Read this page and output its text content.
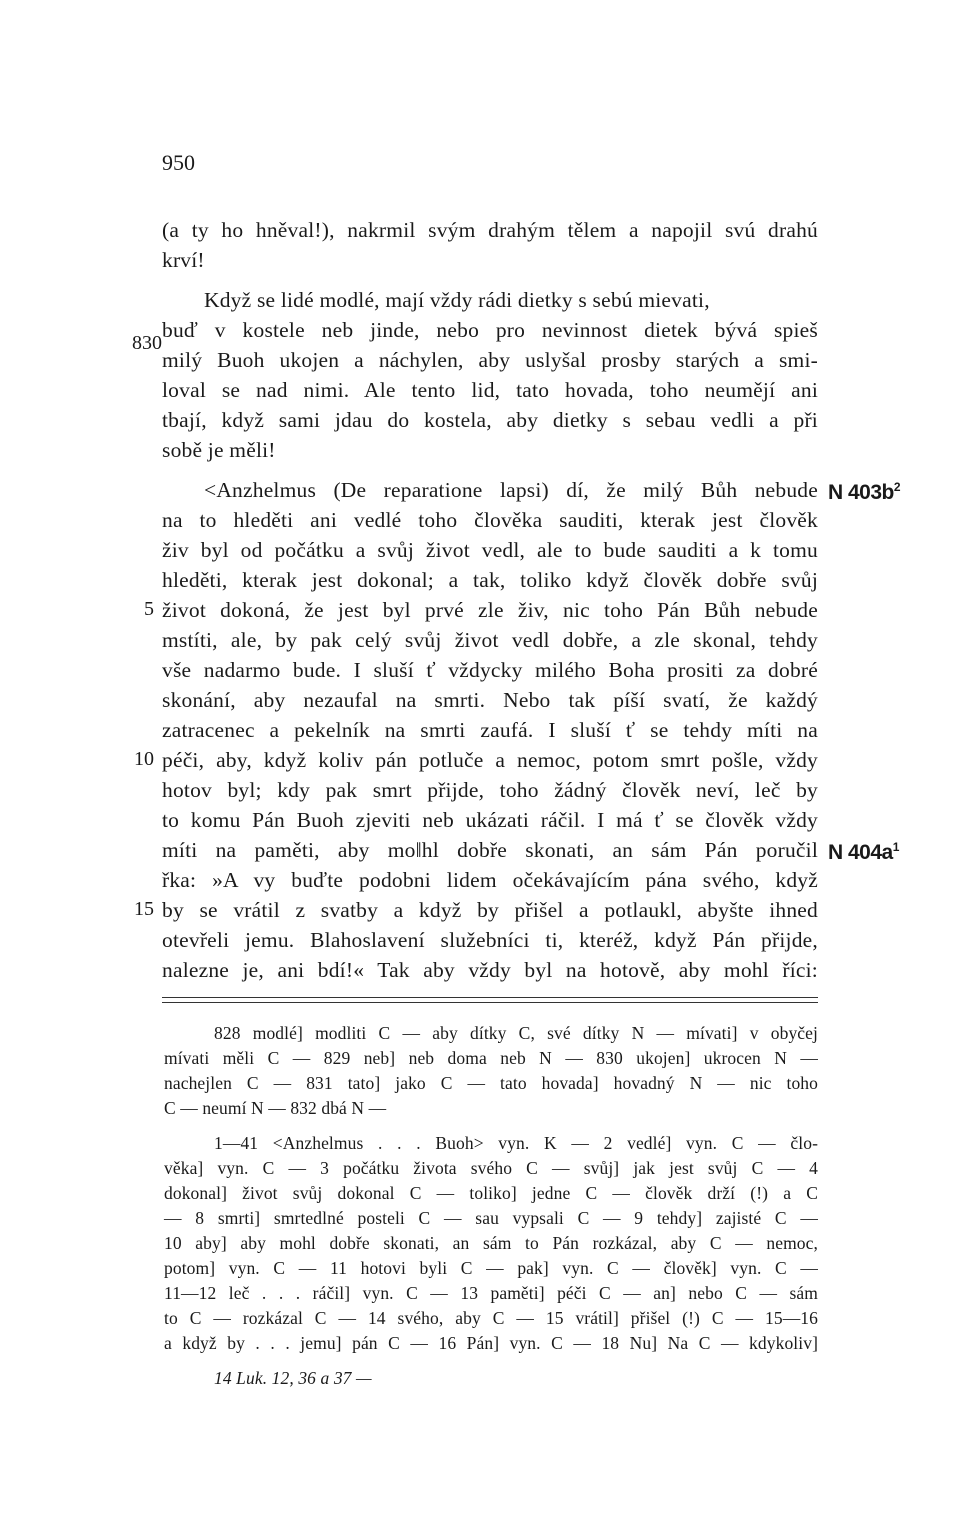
950
(a ty ho hněval!), nakrmil svým drahým tělem a napojil svú drahú
krví!
Když se lidé modlé, mají vždy rádi dietky s sebú mievati,
buď v kostele neb jinde, nebo pro nevinnost dietek bývá spieš
milý Buoh ukojen a náchylen, aby uslyšal prosby starých a smi-
loval se nad nimi. Ale tento lid, tato hovada, toho neumějí ani
tbají, když sami jdau do kostela, aby dietky s sebau vedli a při
sobě je měli!
<Anzhelmus (De reparatione lapsi) dí, že milý Bůh nebude
na to hleděti ani vedlé toho člověka sauditi, kterak jest člověk
živ byl od počátku a svůj život vedl, ale to bude sauditi a k tomu
hleděti, kterak jest dokonal; a tak, toliko když člověk dobře svůj
život dokoná, že jest byl prvé zle živ, nic toho Pán Bůh nebude
mstíti, ale, by pak celý svůj život vedl dobře, a zle skonal, tehdy
vše nadarmo bude. I sluší ť vždycky milého Boha prositi za dobré
skonání, aby nezaufal na smrti. Nebo tak píší svatí, že každý
zatracenec a pekelník na smrti zaufá. I sluší ť se tehdy míti na
péči, aby, když koliv pán potluče a nemoc, potom smrt pošle, vždy
hotov byl; kdy pak smrt přijde, toho žádný člověk neví, leč by
to komu Pán Buoh zjeviti neb ukázati ráčil. I má ť se člověk vždy
míti na paměti, aby mo‖hl dobře skonati, an sám Pán poručil
řka: »A vy buďte podobni lidem očekávajícím pána svého, když
by se vrátil z svatby a když by přišel a potlaukl, abyšte ihned
otevřeli jemu. Blahoslavení služebníci ti, kteréž, když Pán přijde,
nalezne je, ani bdí!« Tak aby vždy byl na hotově, aby mohl říci:
830
5
10
15
N $403b^2$
N $404a^1$
828 modlé] modliti C — aby dítky C, své dítky N — mívati] v obyčej
mívati měli C — 829 neb] neb doma neb N — 830 ukojen] ukrocen N —
nachejlen C — 831 tato] jako C — tato hovada] hovadný N — nic toho
C — neumí N — 832 dbá N —
1—41 <Anzhelmus . . . Buoh> vyn. K — 2 vedlé] vyn. C — člo-
věka] vyn. C — 3 počátku života svého C — svůj] jak jest svůj C — 4
dokonal] život svůj dokonal C — toliko] jedne C — člověk drží (!) a C
— 8 smrti] smrtedlné posteli C — sau vypsali C — 9 tehdy] zajisté C —
10 aby] aby mohl dobře skonati, an sám to Pán rozkázal, aby C — nemoc,
potom] vyn. C — 11 hotovi byli C — pak] vyn. C — člověk] vyn. C —
11—12 leč . . . ráčil] vyn. C — 13 paměti] péči C — an] nebo C — sám
to C — rozkázal C — 14 svého, aby C — 15 vrátil] přišel (!) C — 15—16
a když by . . . jemu] pán C — 16 Pán] vyn. C — 18 Nu] Na C — kdykoliv]
14 Luk. 12, 36 a 37 —
